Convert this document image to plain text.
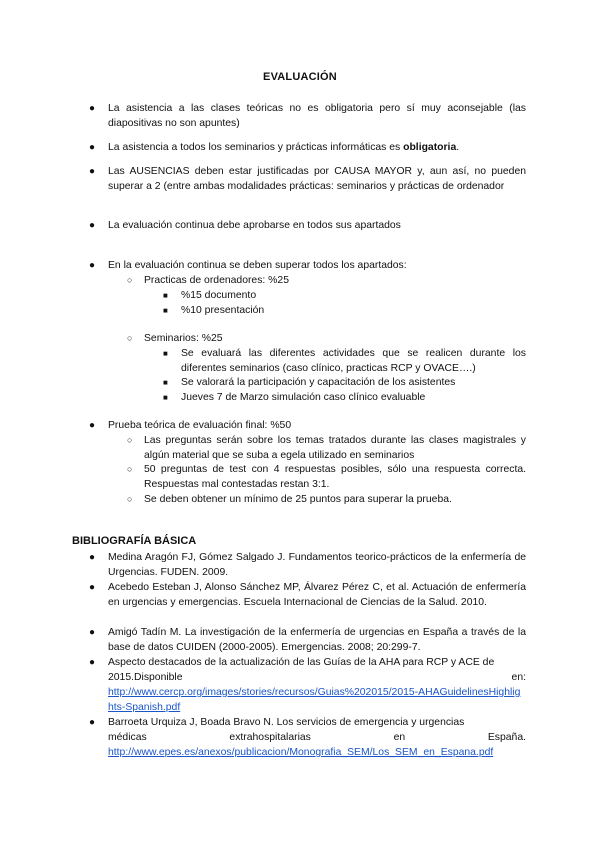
EVALUACIÓN
● La asistencia a las clases teóricas no es obligatoria pero sí muy aconsejable (las diapositivas no son apuntes)
● La asistencia a todos los seminarios y prácticas informáticas es obligatoria.
● Las AUSENCIAS deben estar justificadas por CAUSA MAYOR y, aun así, no pueden superar a 2 (entre ambas modalidades prácticas: seminarios y prácticas de ordenador
● La evaluación continua debe aprobarse en todos sus apartados
● En la evaluación continua se deben superar todos los apartados:
○ Practicas de ordenadores: %25
■ %15 documento
■ %10 presentación
○ Seminarios: %25
■ Se evaluará las diferentes actividades que se realicen durante los diferentes seminarios (caso clínico, practicas RCP y OVACE….)
■ Se valorará la participación y capacitación de los asistentes
■ Jueves 7 de Marzo simulación caso clínico evaluable
● Prueba teórica de evaluación final: %50
○ Las preguntas serán sobre los temas tratados durante las clases magistrales y algún material que se suba a egela utilizado en seminarios
○ 50 preguntas de test con 4 respuestas posibles, sólo una respuesta correcta. Respuestas mal contestadas restan 3:1.
○ Se deben obtener un mínimo de 25 puntos para superar la prueba.
BIBLIOGRAFÍA BÁSICA
● Medina Aragón FJ, Gómez Salgado J. Fundamentos teorico-prácticos de la enfermería de Urgencias. FUDEN. 2009.
● Acebedo Esteban J, Alonso Sánchez MP, Álvarez Pérez C, et al. Actuación de enfermería en urgencias y emergencias. Escuela Internacional de Ciencias de la Salud. 2010.
● Amigó Tadín M. La investigación de la enfermería de urgencias en España a través de la base de datos CUIDEN (2000-2005). Emergencias. 2008; 20:299-7.
● Aspecto destacados de la actualización de las Guías de la AHA para RCP y ACE de
2015.Disponible	en:
http://www.cercp.org/images/stories/recursos/Guias%202015/2015-AHAGuidelinesHighlights-Spanish.pdf
● Barroeta Urquiza J, Boada Bravo N. Los servicios de emergencia y urgencias
médicas	extrahospitalarias	en	España.
http://www.epes.es/anexos/publicacion/Monografia_SEM/Los_SEM_en_Espana.pdf
